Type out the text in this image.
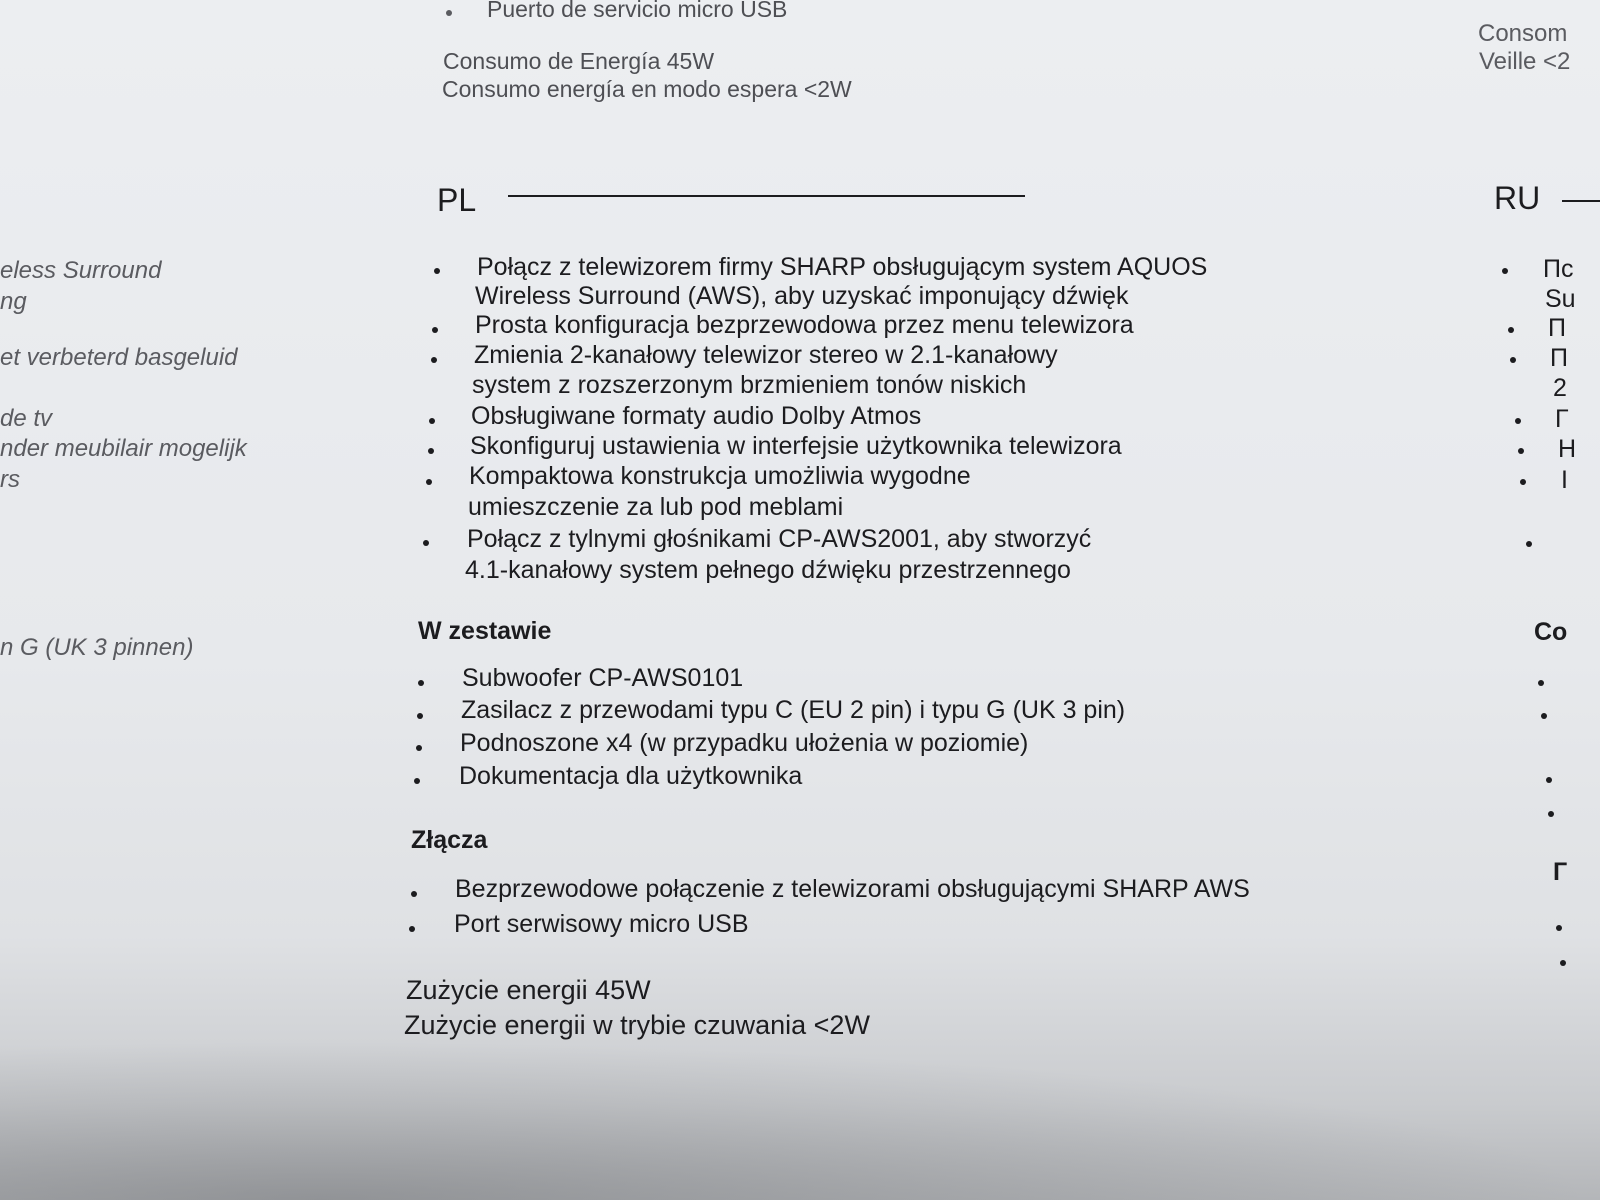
Puerto de servicio micro USB
Consumo de Energía 45W
Consumo energía en modo espera <2W
Consom
Veille <2
RU
Пс
Su
П
П
2
Г
Н
Ι
Co
Г
eless Surround
ng
et verbeterd basgeluid
de tv
nder meubilair mogelijk
rs
n G (UK 3 pinnen)
PL
Połącz z telewizorem firmy SHARP obsługującym system AQUOS
Wireless Surround (AWS), aby uzyskać imponujący dźwięk
Prosta konfiguracja bezprzewodowa przez menu telewizora
Zmienia 2-kanałowy telewizor stereo w 2.1-kanałowy
system z rozszerzonym brzmieniem tonów niskich
Obsługiwane formaty audio Dolby Atmos
Skonfiguruj ustawienia w interfejsie użytkownika telewizora
Kompaktowa konstrukcja umożliwia wygodne
umieszczenie za lub pod meblami
Połącz z tylnymi głośnikami CP-AWS2001, aby stworzyć
4.1-kanałowy system pełnego dźwięku przestrzennego
W zestawie
Subwoofer CP-AWS0101
Zasilacz z przewodami typu C (EU 2 pin) i typu G (UK 3 pin)
Podnoszone x4 (w przypadku ułożenia w poziomie)
Dokumentacja dla użytkownika
Złącza
Bezprzewodowe połączenie z telewizorami obsługującymi SHARP AWS
Port serwisowy micro USB
Zużycie energii 45W
Zużycie energii w trybie czuwania <2W
